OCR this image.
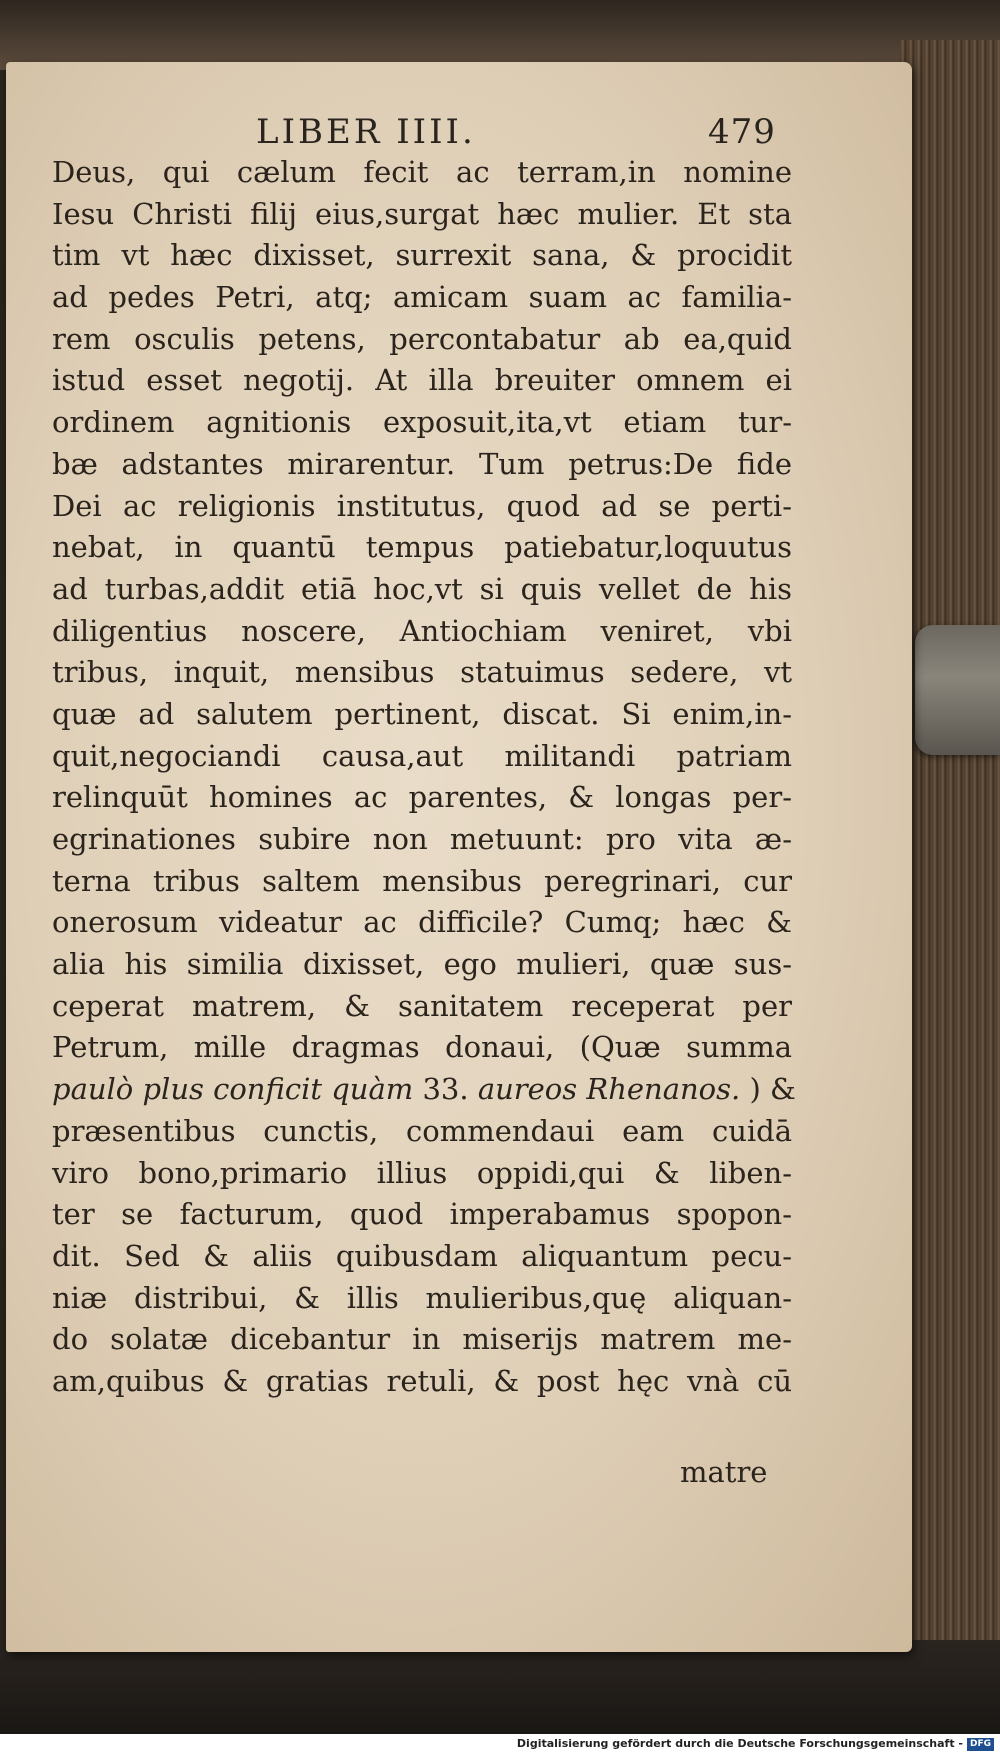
LIBER IIII.	479
Deus, qui cælum fecit ac terram,in nomine
Iesu Christi filij eius,surgat hæc mulier. Et sta
tim vt hæc dixisset, surrexit sana, & procidit
ad pedes Petri, atq; amicam suam ac familia-
rem osculis petens, percontabatur ab ea,quid
istud esset negotij. At illa breuiter omnem ei
ordinem agnitionis exposuit,ita,vt etiam tur-
bæ adstantes mirarentur. Tum petrus:De fide
Dei ac religionis institutus, quod ad se perti-
nebat, in quantū tempus patiebatur,loquutus
ad turbas,addit etiā hoc,vt si quis vellet de his
diligentius noscere, Antiochiam veniret, vbi
tribus, inquit, mensibus statuimus sedere, vt
quæ ad salutem pertinent, discat. Si enim,in-
quit,negociandi causa,aut militandi patriam
relinquūt homines ac parentes, & longas per-
egrinationes subire non metuunt: pro vita æ-
terna tribus saltem mensibus peregrinari, cur
onerosum videatur ac difficile? Cumq; hæc &
alia his similia dixisset, ego mulieri, quæ sus-
ceperat matrem, & sanitatem receperat per
Petrum, mille dragmas donaui, (Quæ summa
paulò plus conficit quàm 33. aureos Rhenanos. ) &
præsentibus cunctis, commendaui eam cuidā
viro bono,primario illius oppidi,qui & liben-
ter se facturum, quod imperabamus spopon-
dit. Sed & aliis quibusdam aliquantum pecu-
niæ distribui, & illis mulieribus,quę aliquan-
do solatæ dicebantur in miserijs matrem me-
am,quibus & gratias retuli, & post hęc vnà cū
matre
Digitalisierung gefördert durch die Deutsche Forschungsgemeinschaft - DFG
